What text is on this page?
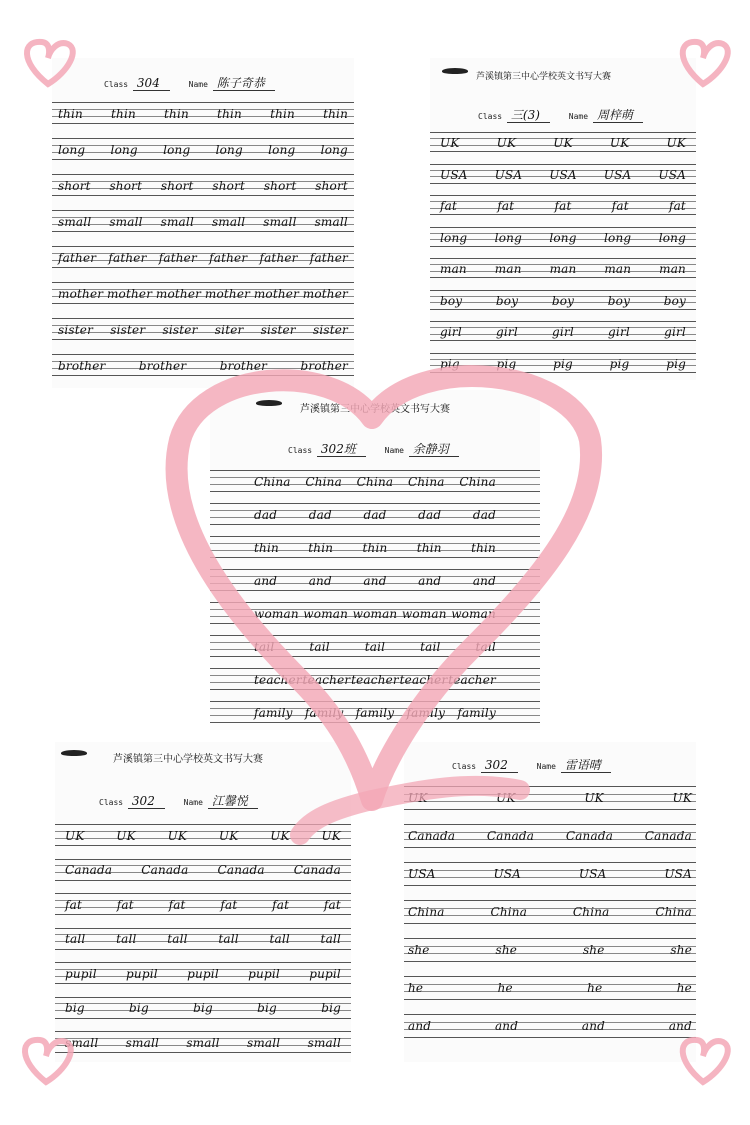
Class 304	Name 陈子奇恭
thin thin thin thin thin thin
long long long long long long
short short short short short short
small small small small small small
father father father father father father
mother mother mother mother mother mother
sister sister sister siter sister sister
brother	brother	brother	brother
芦溪镇第三中心学校英文书写大赛
Class 三(3)	Name 周梓萌
UK	UK	UK	UK	UK
USA USA USA USA USA
fat	fat	fat	fat	fat
long long long long long
man man man man man
boy	boy	boy	boy	boy
girl	girl	girl	girl	girl
pig	pig	pig	pig	pig
芦溪镇第三中心学校英文书写大赛
Class 302班	Name 余静羽
China China China China China
dad	dad	dad	dad	dad
thin thin thin thin thin
and	and	and	and	and
woman woman woman woman woman
tail	tail	tail	tail	tail
teacher teacher teacher teacher teacher
family family family family family
芦溪镇第三中心学校英文书写大赛
Class 302	Name 江馨悦
UK	UK	UK	UK	UK	UK
Canada Canada Canada Canada
fat	fat	fat	fat	fat	fat
tall	tall	tall	tall	tall	tall
pupil pupil pupil pupil pupil
big	big	big	big	big
small small small small small
Class 302	Name 雷语晴
UK	UK	UK	UK
Canada	Canada	Canada	Canada
USA	USA	USA	USA
China	China	China	China
she	she	she	she
he	he	he	he
and	and	and	and
